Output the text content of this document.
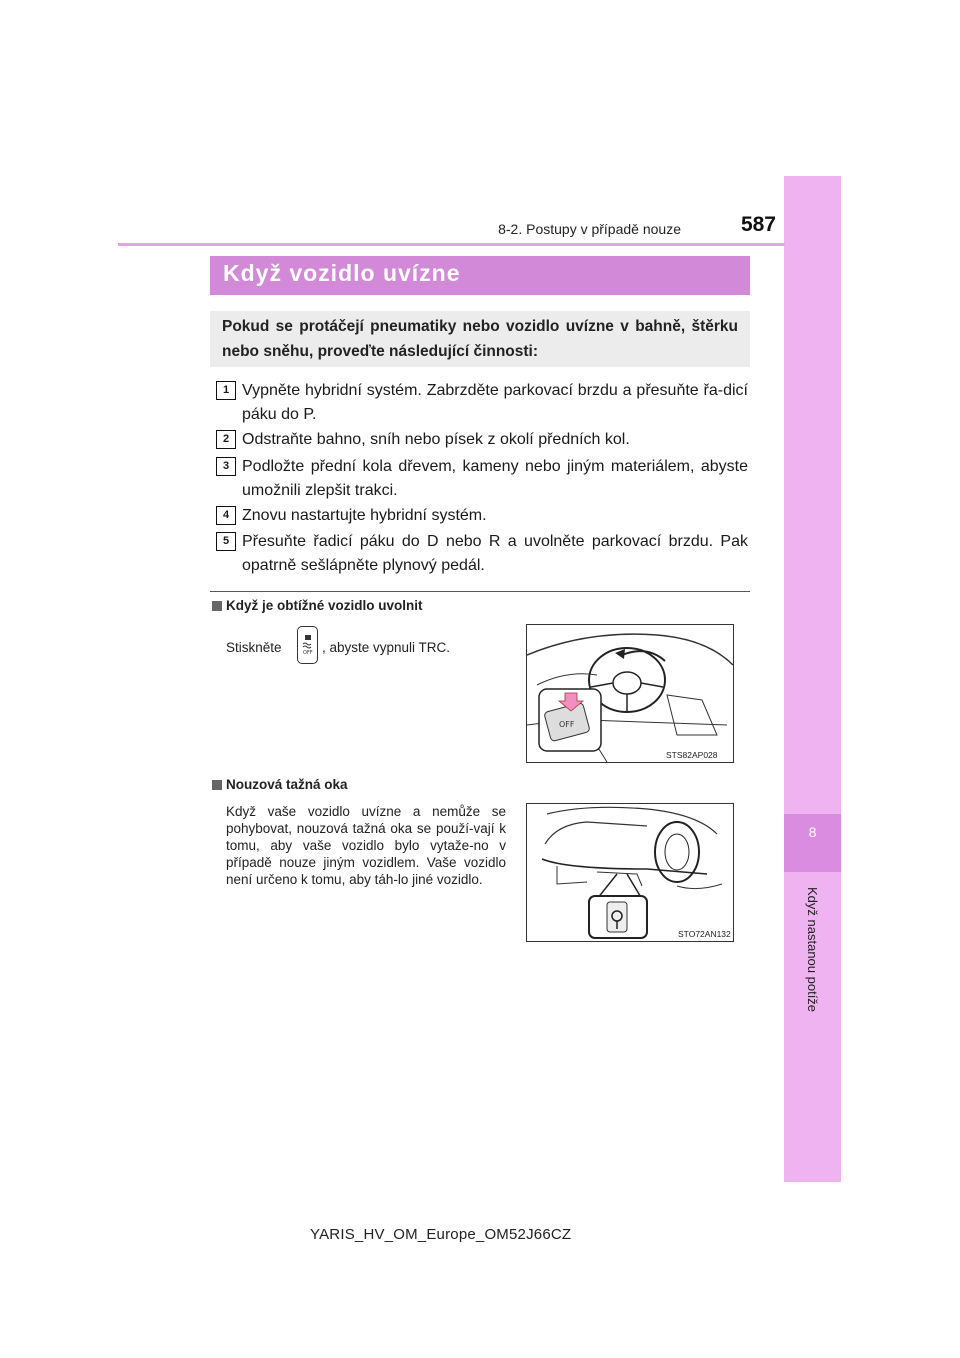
8
Když nastanou potíže
8-2. Postupy v případě nouze	587
Když vozidlo uvízne
Pokud se protáčejí pneumatiky nebo vozidlo uvízne v bahně, štěrku nebo sněhu, proveďte následující činnosti:
1 Vypněte hybridní systém. Zabrzděte parkovací brzdu a přesuňte řa-dicí páku do P.
2 Odstraňte bahno, sníh nebo písek z okolí předních kol.
3 Podložte přední kola dřevem, kameny nebo jiným materiálem, abyste umožnili zlepšit trakci.
4 Znovu nastartujte hybridní systém.
5 Přesuňte řadicí páku do D nebo R a uvolněte parkovací brzdu. Pak opatrně sešlápněte plynový pedál.
Když je obtížné vozidlo uvolnit
Stiskněte	OFF , abyste vypnuli TRC.
OFF
STS82AP028
Nouzová tažná oka
Když vaše vozidlo uvízne a nemůže se pohybovat, nouzová tažná oka se použí-vají k tomu, aby vaše vozidlo bylo vytaže-no v případě nouze jiným vozidlem. Vaše vozidlo není určeno k tomu, aby táh-lo jiné vozidlo.
STO72AN132
YARIS_HV_OM_Europe_OM52J66CZ
